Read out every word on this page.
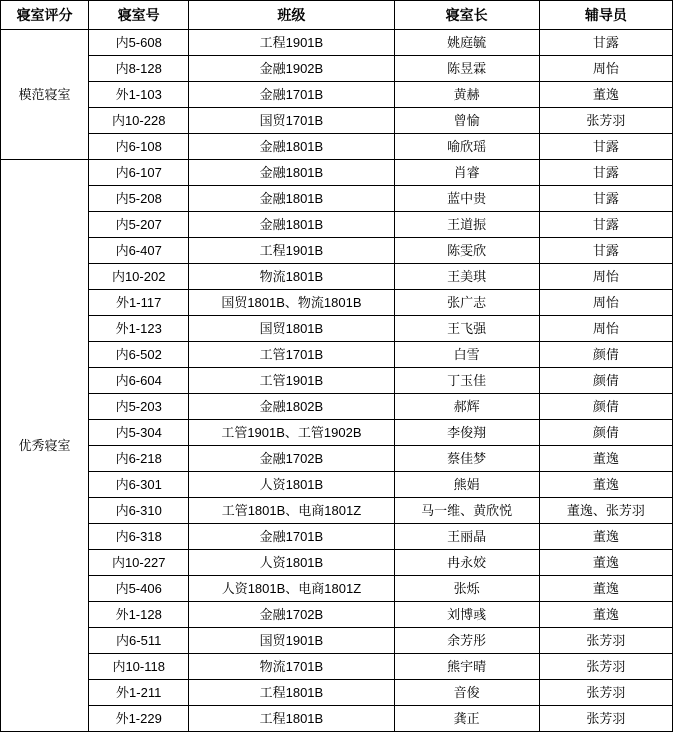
寝室评分	寝室号	班级	寝室长	辅导员
模范寝室	内5-608	工程1901B	姚庭毓	甘露
	内8-128	金融1902B	陈昱霖	周怡
	外1-103	金融1701B	黄赫	董逸
	内10-228	国贸1701B	曾愉	张芳羽
	内6-108	金融1801B	喻欣瑶	甘露
优秀寝室	内6-107	金融1801B	肖睿	甘露
	内5-208	金融1801B	蓝中贵	甘露
	内5-207	金融1801B	王道振	甘露
	内6-407	工程1901B	陈雯欣	甘露
	内10-202	物流1801B	王美琪	周怡
	外1-117	国贸1801B、物流1801B	张广志	周怡
	外1-123	国贸1801B	王飞强	周怡
	内6-502	工管1701B	白雪	颜倩
	内6-604	工管1901B	丁玉佳	颜倩
	内5-203	金融1802B	郝辉	颜倩
	内5-304	工管1901B、工管1902B	李俊翔	颜倩
	内6-218	金融1702B	蔡佳梦	董逸
	内6-301	人资1801B	熊娟	董逸
	内6-310	工管1801B、电商1801Z	马一维、黄欣悦	董逸、张芳羽
	内6-318	金融1701B	王丽晶	董逸
	内10-227	人资1801B	冉永姣	董逸
	内5-406	人资1801B、电商1801Z	张烁	董逸
	外1-128	金融1702B	刘博彧	董逸
	内6-511	国贸1901B	余芳彤	张芳羽
	内10-118	物流1701B	熊宇晴	张芳羽
	外1-211	工程1801B	音俊	张芳羽
	外1-229	工程1801B	龚正	张芳羽
